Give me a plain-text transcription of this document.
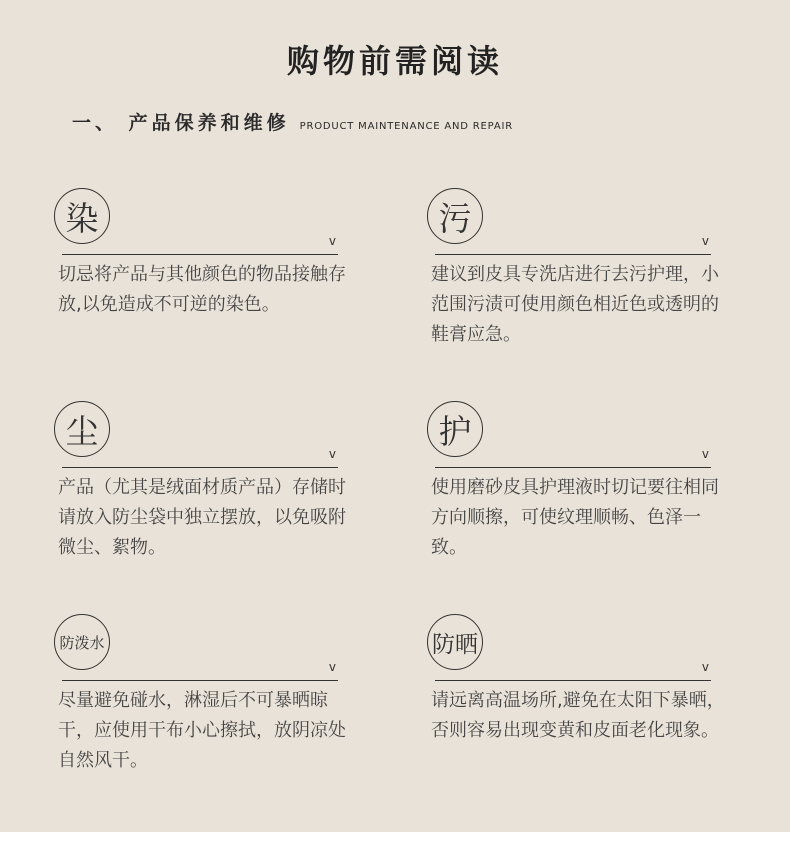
购物前需阅读
一、 产品保养和维修 PRODUCT MAINTENANCE AND REPAIR
染
v
切忌将产品与其他颜色的物品接触存放,以免造成不可逆的染色。
污
v
建议到皮具专洗店进行去污护理，小范围污渍可使用颜色相近色或透明的鞋膏应急。
尘
v
产品（尤其是绒面材质产品）存储时请放入防尘袋中独立摆放，以免吸附微尘、絮物。
护
v
使用磨砂皮具护理液时切记要往相同方向顺擦，可使纹理顺畅、色泽一致。
防泼水
v
尽量避免碰水，淋湿后不可暴晒晾干，应使用干布小心擦拭，放阴凉处自然风干。
防晒
v
请远离高温场所,避免在太阳下暴晒，否则容易出现变黄和皮面老化现象。
